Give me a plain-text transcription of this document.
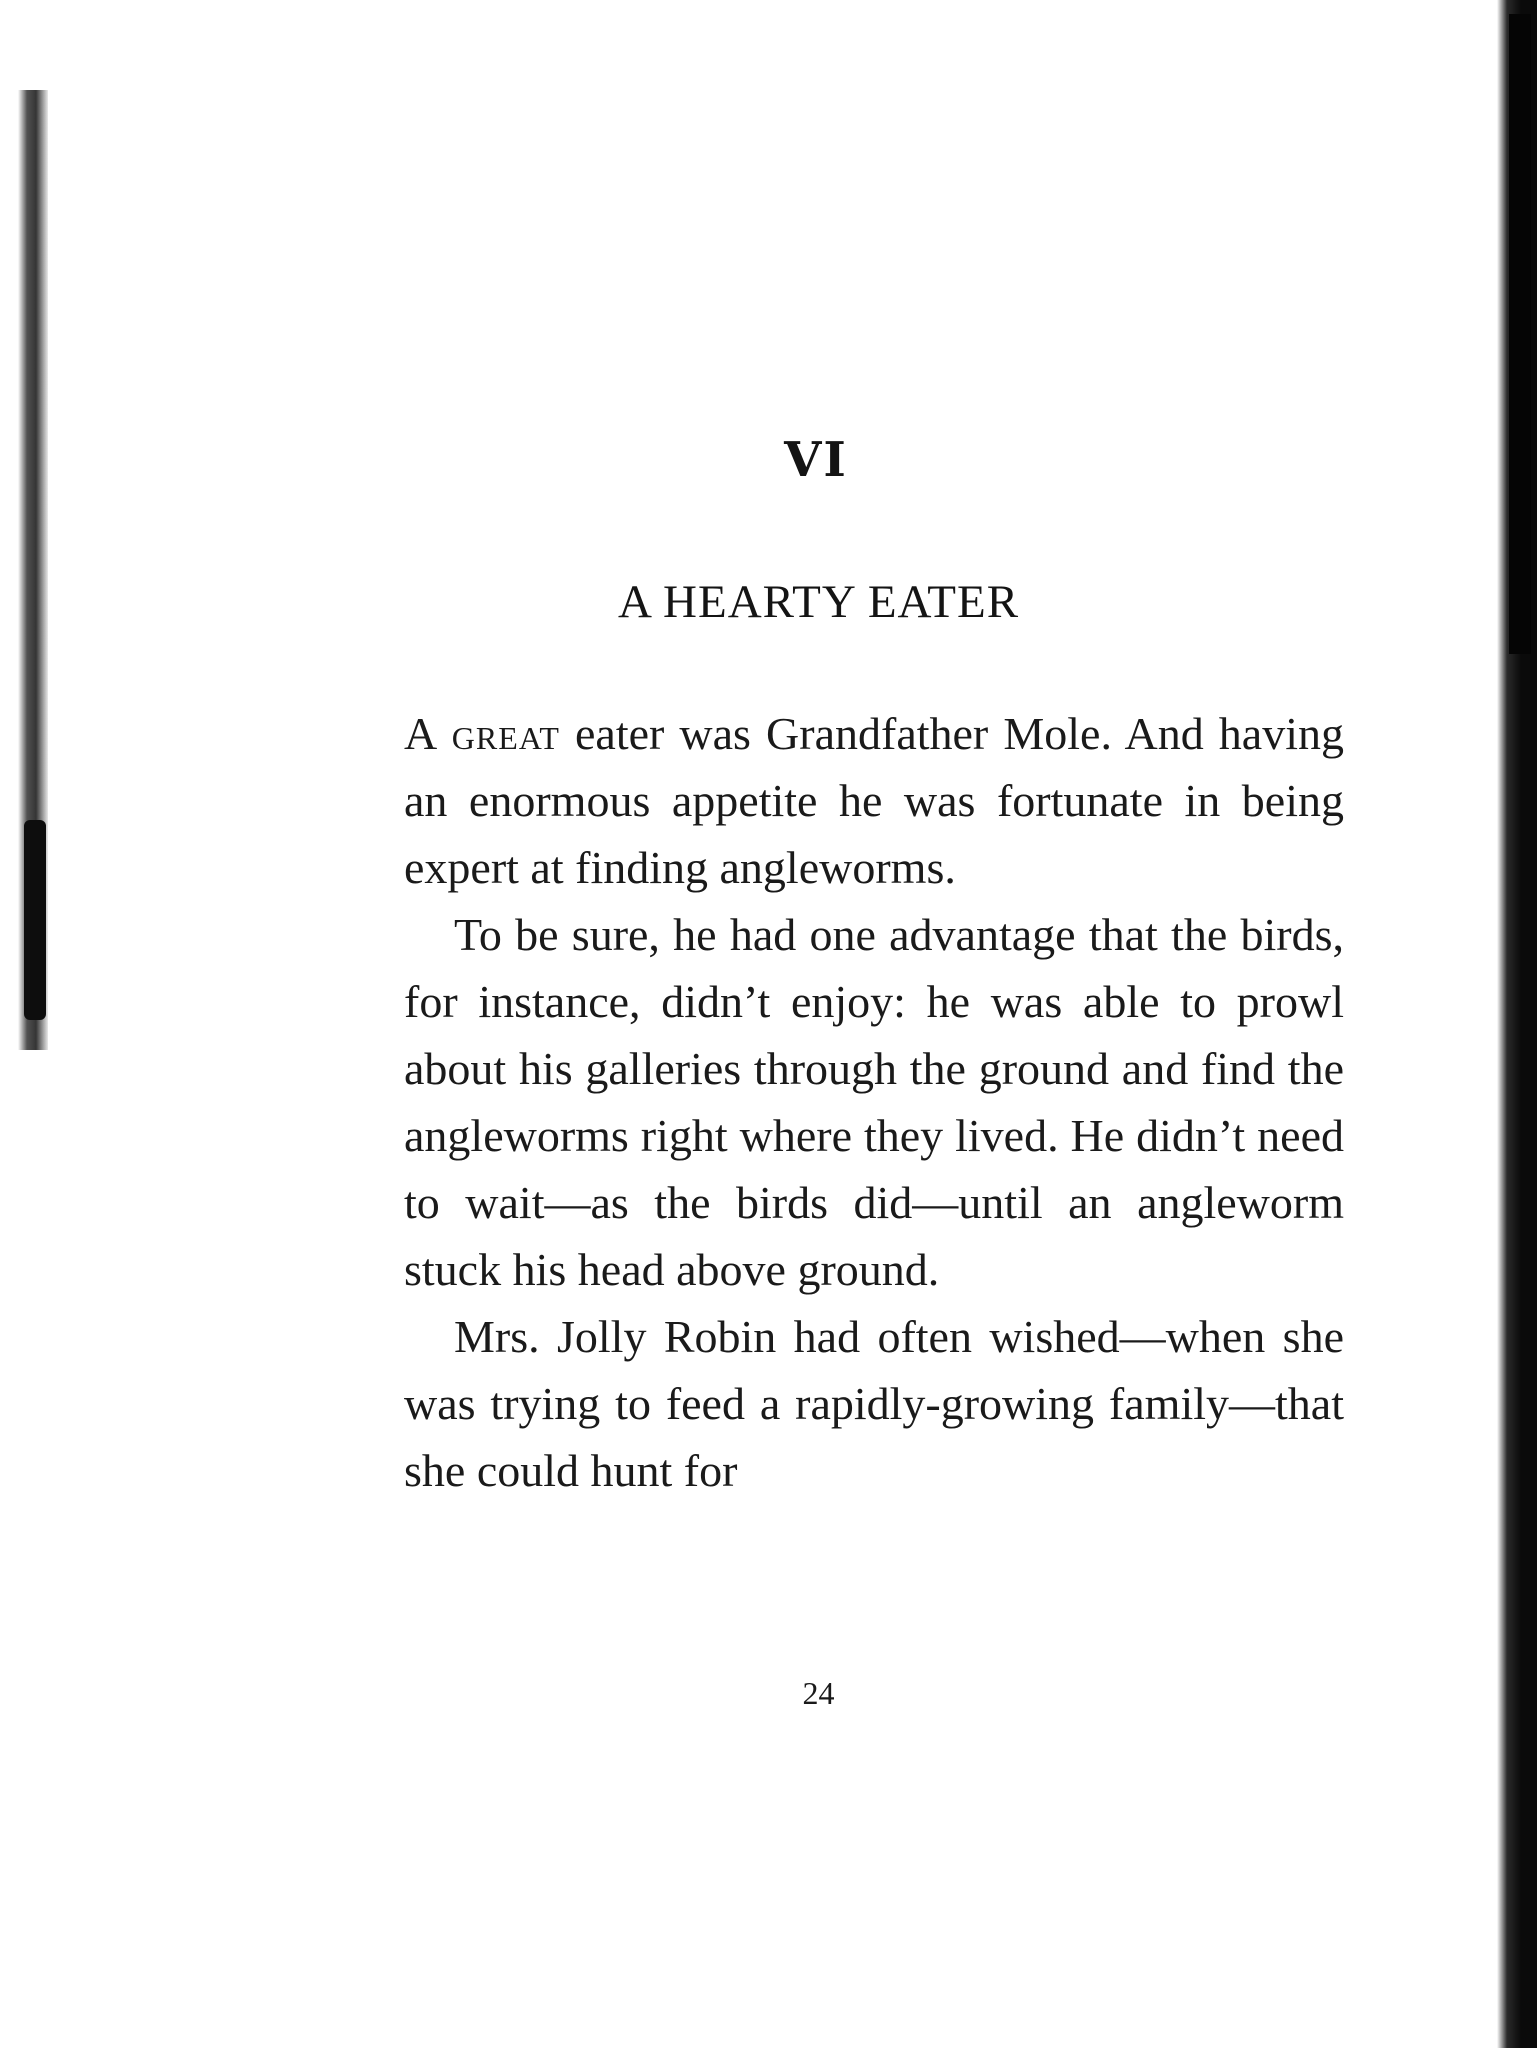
VI
A HEARTY EATER

A great eater was Grandfather Mole. And having an enormous appetite he was fortunate in being expert at finding angleworms.

To be sure, he had one advantage that the birds, for instance, didn’t enjoy: he was able to prowl about his galleries through the ground and find the angleworms right where they lived. He didn’t need to wait—as the birds did—until an angleworm stuck his head above ground.

Mrs. Jolly Robin had often wished—when she was trying to feed a rapidly-growing family—that she could hunt for

24
